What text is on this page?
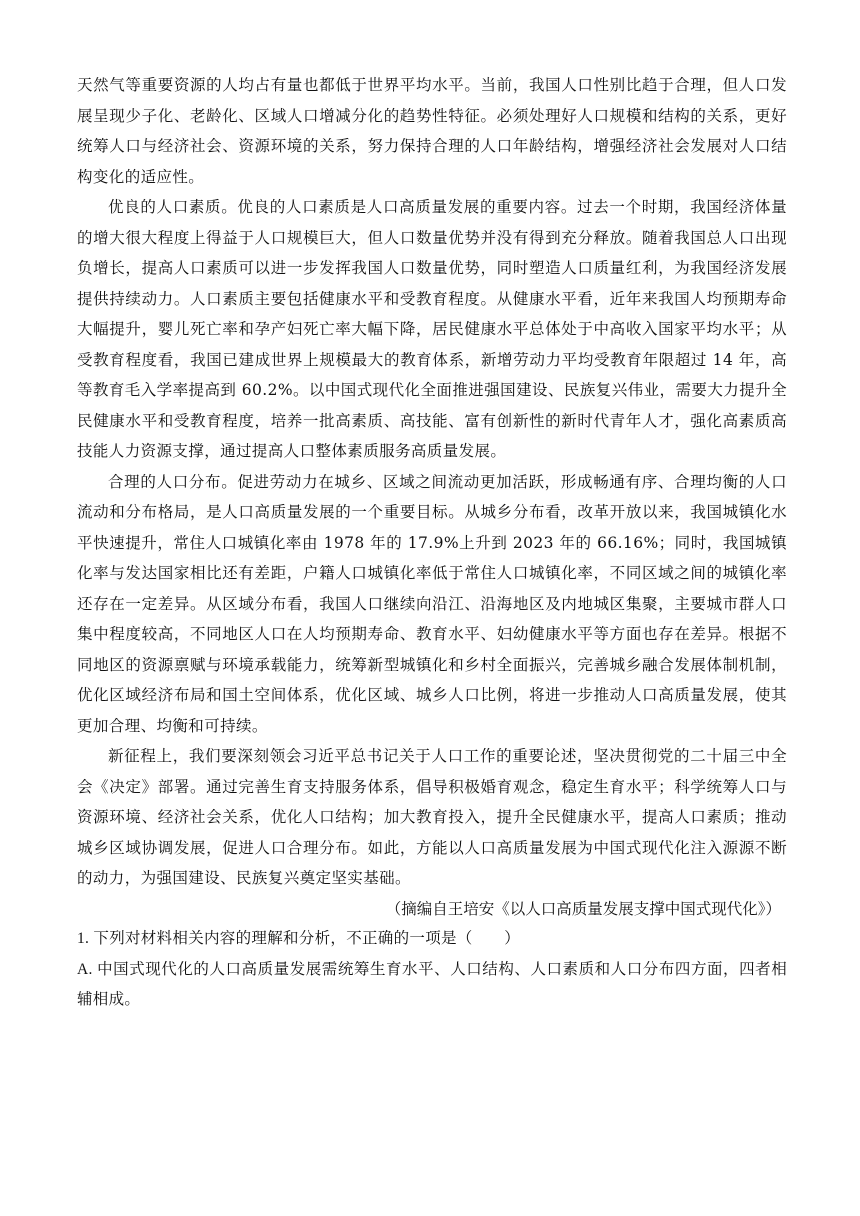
天然气等重要资源的人均占有量也都低于世界平均水平。当前，我国人口性别比趋于合理，但人口发展呈现少子化、老龄化、区域人口增减分化的趋势性特征。必须处理好人口规模和结构的关系，更好统筹人口与经济社会、资源环境的关系，努力保持合理的人口年龄结构，增强经济社会发展对人口结构变化的适应性。

优良的人口素质。优良的人口素质是人口高质量发展的重要内容。过去一个时期，我国经济体量的增大很大程度上得益于人口规模巨大，但人口数量优势并没有得到充分释放。随着我国总人口出现负增长，提高人口素质可以进一步发挥我国人口数量优势，同时塑造人口质量红利，为我国经济发展提供持续动力。人口素质主要包括健康水平和受教育程度。从健康水平看，近年来我国人均预期寿命大幅提升，婴儿死亡率和孕产妇死亡率大幅下降，居民健康水平总体处于中高收入国家平均水平；从受教育程度看，我国已建成世界上规模最大的教育体系，新增劳动力平均受教育年限超过 14 年，高等教育毛入学率提高到 60.2%。以中国式现代化全面推进强国建设、民族复兴伟业，需要大力提升全民健康水平和受教育程度，培养一批高素质、高技能、富有创新性的新时代青年人才，强化高素质高技能人力资源支撑，通过提高人口整体素质服务高质量发展。

合理的人口分布。促进劳动力在城乡、区域之间流动更加活跃，形成畅通有序、合理均衡的人口流动和分布格局，是人口高质量发展的一个重要目标。从城乡分布看，改革开放以来，我国城镇化水平快速提升，常住人口城镇化率由 1978 年的 17.9%上升到 2023 年的 66.16%；同时，我国城镇化率与发达国家相比还有差距，户籍人口城镇化率低于常住人口城镇化率，不同区域之间的城镇化率还存在一定差异。从区域分布看，我国人口继续向沿江、沿海地区及内地城区集聚，主要城市群人口集中程度较高，不同地区人口在人均预期寿命、教育水平、妇幼健康水平等方面也存在差异。根据不同地区的资源禀赋与环境承载能力，统筹新型城镇化和乡村全面振兴，完善城乡融合发展体制机制，优化区域经济布局和国土空间体系，优化区域、城乡人口比例，将进一步推动人口高质量发展，使其更加合理、均衡和可持续。

新征程上，我们要深刻领会习近平总书记关于人口工作的重要论述，坚决贯彻党的二十届三中全会《决定》部署。通过完善生育支持服务体系，倡导积极婚育观念，稳定生育水平；科学统筹人口与资源环境、经济社会关系，优化人口结构；加大教育投入，提升全民健康水平，提高人口素质；推动城乡区域协调发展，促进人口合理分布。如此，方能以人口高质量发展为中国式现代化注入源源不断的动力，为强国建设、民族复兴奠定坚实基础。

（摘编自王培安《以人口高质量发展支撑中国式现代化》）

1. 下列对材料相关内容的理解和分析，不正确的一项是（　　）

A. 中国式现代化的人口高质量发展需统筹生育水平、人口结构、人口素质和人口分布四方面，四者相辅相成。
